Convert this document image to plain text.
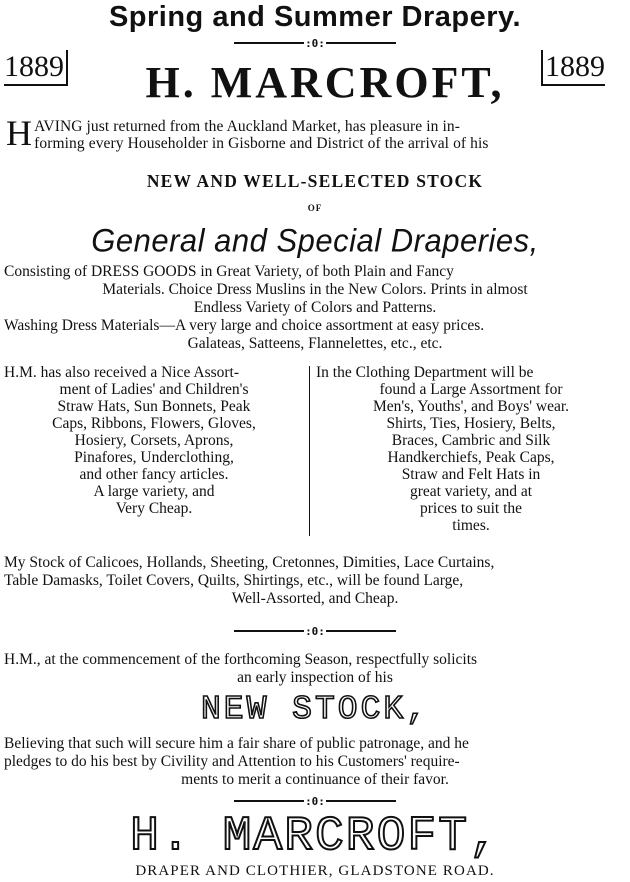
Spring and Summer Drapery.
:0:
1889	H. MARCROFT,	1889
H AVING just returned from the Auckland Market, has pleasure in in-

forming every Householder in Gisborne and District of the arrival of his

NEW AND WELL-SELECTED STOCK
OF
General and Special Draperies,
Consisting of DRESS GOODS in Great Variety, of both Plain and Fancy
Materials. Choice Dress Muslins in the New Colors. Prints in almost
Endless Variety of Colors and Patterns.
Washing Dress Materials—A very large and choice assortment at easy prices.
Galateas, Satteens, Flannelettes, etc., etc.
H.M. has also received a Nice Assort-
ment of Ladies' and Children's
Straw Hats, Sun Bonnets, Peak
Caps, Ribbons, Flowers, Gloves,
Hosiery, Corsets, Aprons,
Pinafores, Underclothing,
and other fancy articles.
A large variety, and
Very Cheap.
In the Clothing Department will be
found a Large Assortment for
Men's, Youths', and Boys' wear.
Shirts, Ties, Hosiery, Belts,
Braces, Cambric and Silk
Handkerchiefs, Peak Caps,
Straw and Felt Hats in
great variety, and at
prices to suit the
times.
My Stock of Calicoes, Hollands, Sheeting, Cretonnes, Dimities, Lace Curtains,
Table Damasks, Toilet Covers, Quilts, Shirtings, etc., will be found Large,
Well-Assorted, and Cheap.
:0:
H.M., at the commencement of the forthcoming Season, respectfully solicits
an early inspection of his
NEW STOCK,
Believing that such will secure him a fair share of public patronage, and he
pledges to do his best by Civility and Attention to his Customers' require-
ments to merit a continuance of their favor.
:0:
H. MARCROFT,
DRAPER AND CLOTHIER, GLADSTONE ROAD.
